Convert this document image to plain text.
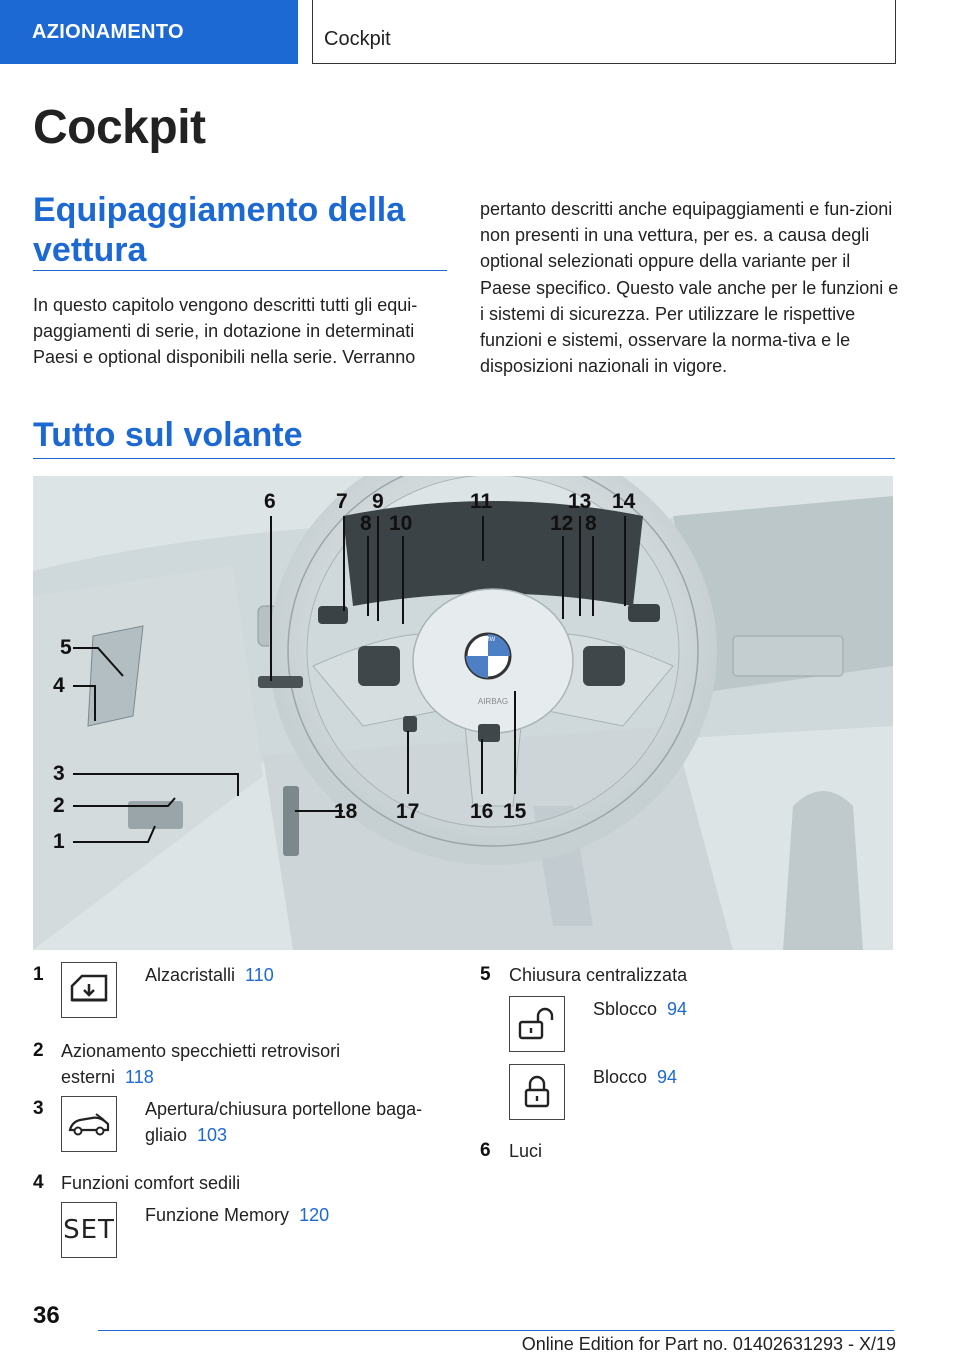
AZIONAMENTO	Cockpit
Cockpit
Equipaggiamento della vettura

In questo capitolo vengono descritti tutti gli equi-paggiamenti di serie, in dotazione in determinati Paesi e optional disponibili nella serie. Verranno

pertanto descritti anche equipaggiamenti e fun-zioni non presenti in una vettura, per es. a causa degli optional selezionati oppure della variante per il Paese specifico. Questo vale anche per le funzioni e i sistemi di sicurezza. Per utilizzare le rispettive funzioni e sistemi, osservare la norma-tiva e le disposizioni nazionali in vigore.

Tutto sul volante
BMW
AIRBAG
5
4
3
2
1
6	7
8
9
10
11
12
13
8
14
18 17 16 15
1	Alzacristalli 110
2 Azionamento specchietti retrovisori esterni 118
3	Apertura/chiusura portellone baga-gliaio 103
4 Funzioni comfort sedili
SET Funzione Memory 120
5 Chiusura centralizzata
Sblocco 94
Blocco 94
6 Luci
36
Online Edition for Part no. 01402631293 - X/19
